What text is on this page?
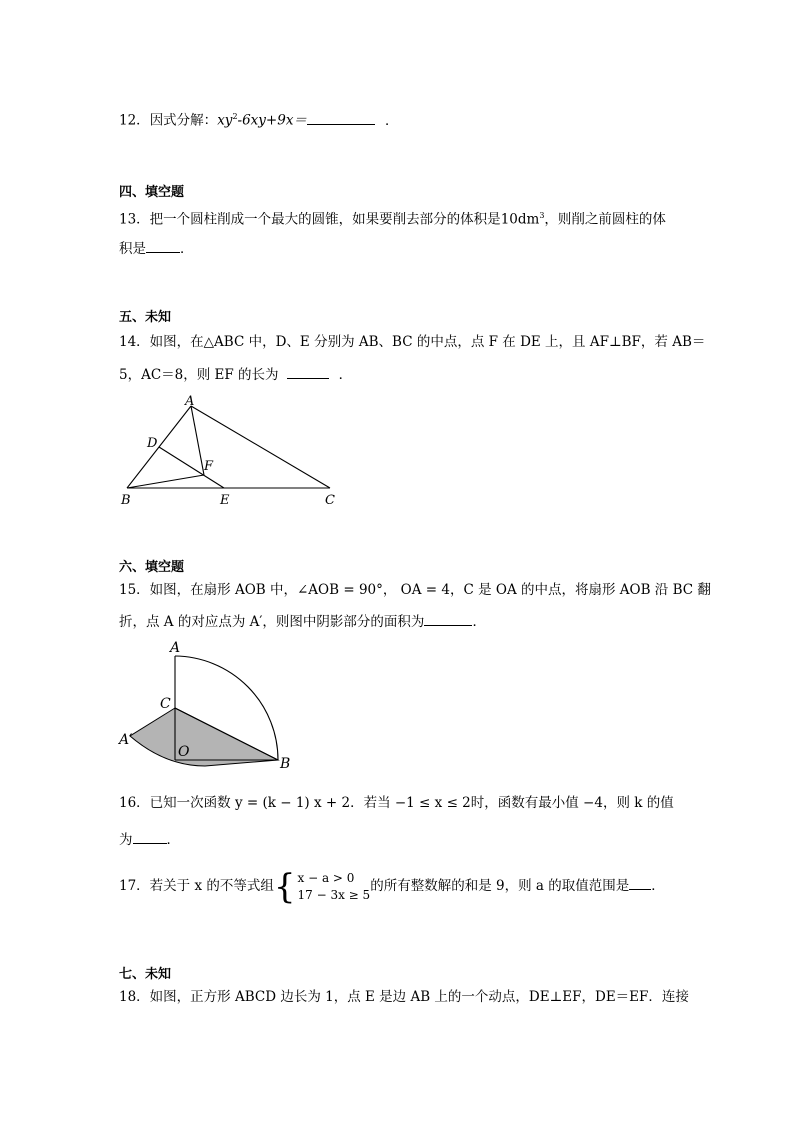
12．因式分解：$xy^2-6xy+9x=$	．
四、填空题
13．把一个圆柱削成一个最大的圆锥，如果要削去部分的体积是$10dm^3$，则削之前圆柱的体
积是	．
五、未知
14．如图，在△ABC 中，D、E 分别为 AB、BC 的中点，点 F 在 DE 上，且 AF⊥BF，若 AB＝
5，AC＝8，则 EF 的长为	．
A
D
F
B	E	C
六、填空题
15．如图，在扇形 AOB 中，∠AOB = 90°， OA = 4，C 是 OA 的中点，将扇形 AOB 沿 BC 翻
折，点 A 的对应点为 A′，则图中阴影部分的面积为	．
A
C
A′
O
B
16．已知一次函数 y = (k − 1) x + 2．若当 −1 ≤ x ≤ 2时，函数有最小值 −4，则 k 的值
为	．
17．若关于 x 的不等式组{ x − a > 0
17 − 3x ≥ 5的所有整数解的和是 9，则 a 的取值范围是 ．
七、未知
18．如图，正方形 ABCD 边长为 1，点 E 是边 AB 上的一个动点，DE⊥EF，DE＝EF．连接
